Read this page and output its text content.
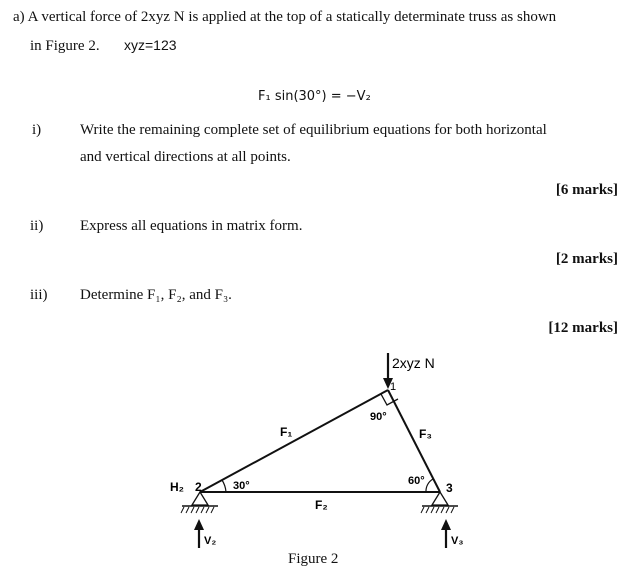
a) A vertical force of 2xyz N is applied at the top of a statically determinate truss as shown
in Figure 2. xyz=123
F₁ sin(30°) = −V₂
i)	Write the remaining complete set of equilibrium equations for both horizontal
and vertical directions at all points.
[6 marks]
ii) Express all equations in matrix form.
[2 marks]
iii) Determine F₁, F₂, and F₃.
[12 marks]
2xyz N
1
2	3
90°
30°	60°
F₁	F₃
F₂
H₂
V₂	V₃
Figure 2
